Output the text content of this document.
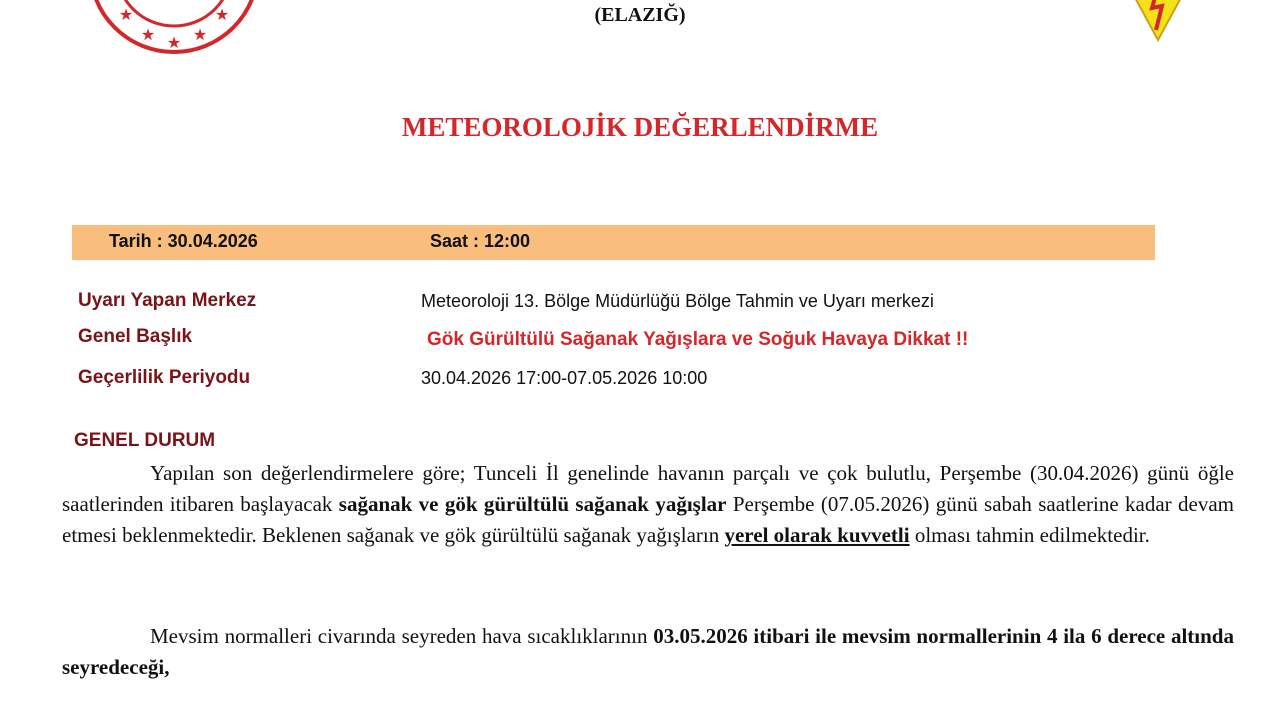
★
★ ★ ★
★	(ELAZIĞ)
METEOROLOJİK DEĞERLENDİRME
Tarih : 30.04.2026	Saat : 12:00
Uyarı Yapan Merkez	Meteoroloji 13. Bölge Müdürlüğü Bölge Tahmin ve Uyarı merkezi
Genel Başlık	Gök Gürültülü Sağanak Yağışlara ve Soğuk Havaya Dikkat !!
Geçerlilik Periyodu	30.04.2026 17:00-07.05.2026 10:00
GENEL DURUM

Yapılan son değerlendirmelere göre; Tunceli İl genelinde havanın parçalı ve çok bulutlu, Perşembe (30.04.2026) günü öğle saatlerinden itibaren başlayacak sağanak ve gök gürültülü sağanak yağışlar Perşembe (07.05.2026) günü sabah saatlerine kadar devam etmesi beklenmektedir. Beklenen sağanak ve gök gürültülü sağanak yağışların yerel olarak kuvvetli olması tahmin edilmektedir.

Mevsim normalleri civarında seyreden hava sıcaklıklarının 03.05.2026 itibari ile mevsim normallerinin 4 ila 6 derece altında seyredeceği,
